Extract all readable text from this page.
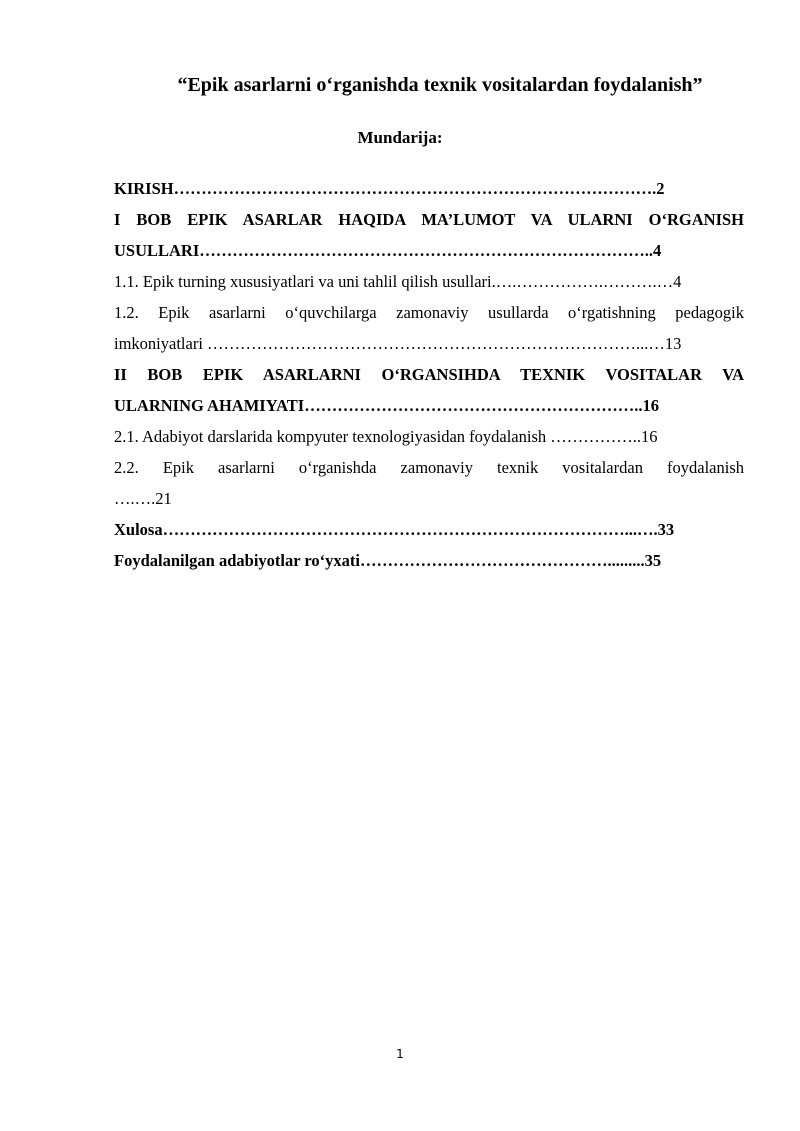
“Epik asarlarni o‘rganishda texnik vositalardan foydalanish”
Mundarija:
KIRISH…………………………………………………………………………….2
I BOB EPIK ASARLAR HAQIDA MA’LUMOT VA ULARNI O‘RGANISH
USULLARI………………………………………………………………………..4
1.1. Epik turning xususiyatlari va uni tahlil qilish usullari.….…………….……….…4
1.2. Epik asarlarni o‘quvchilarga zamonaviy usullarda o‘rgatishning pedagogik
imkoniyatlari ……………………………………………………………………...…13
II BOB EPIK ASARLARNI O‘RGANSIHDA TEXNIK VOSITALAR VA
ULARNING AHAMIYATI……………………………………………………..16
2.1. Adabiyot darslarida kompyuter texnologiyasidan foydalanish ……………..16
2.2. Epik asarlarni o‘rganishda zamonaviy texnik vositalardan foydalanish
….….21
Xulosa…………………………………………………………………………...….33
Foydalanilgan adabiyotlar ro‘yxati……………………………………….........35
1
